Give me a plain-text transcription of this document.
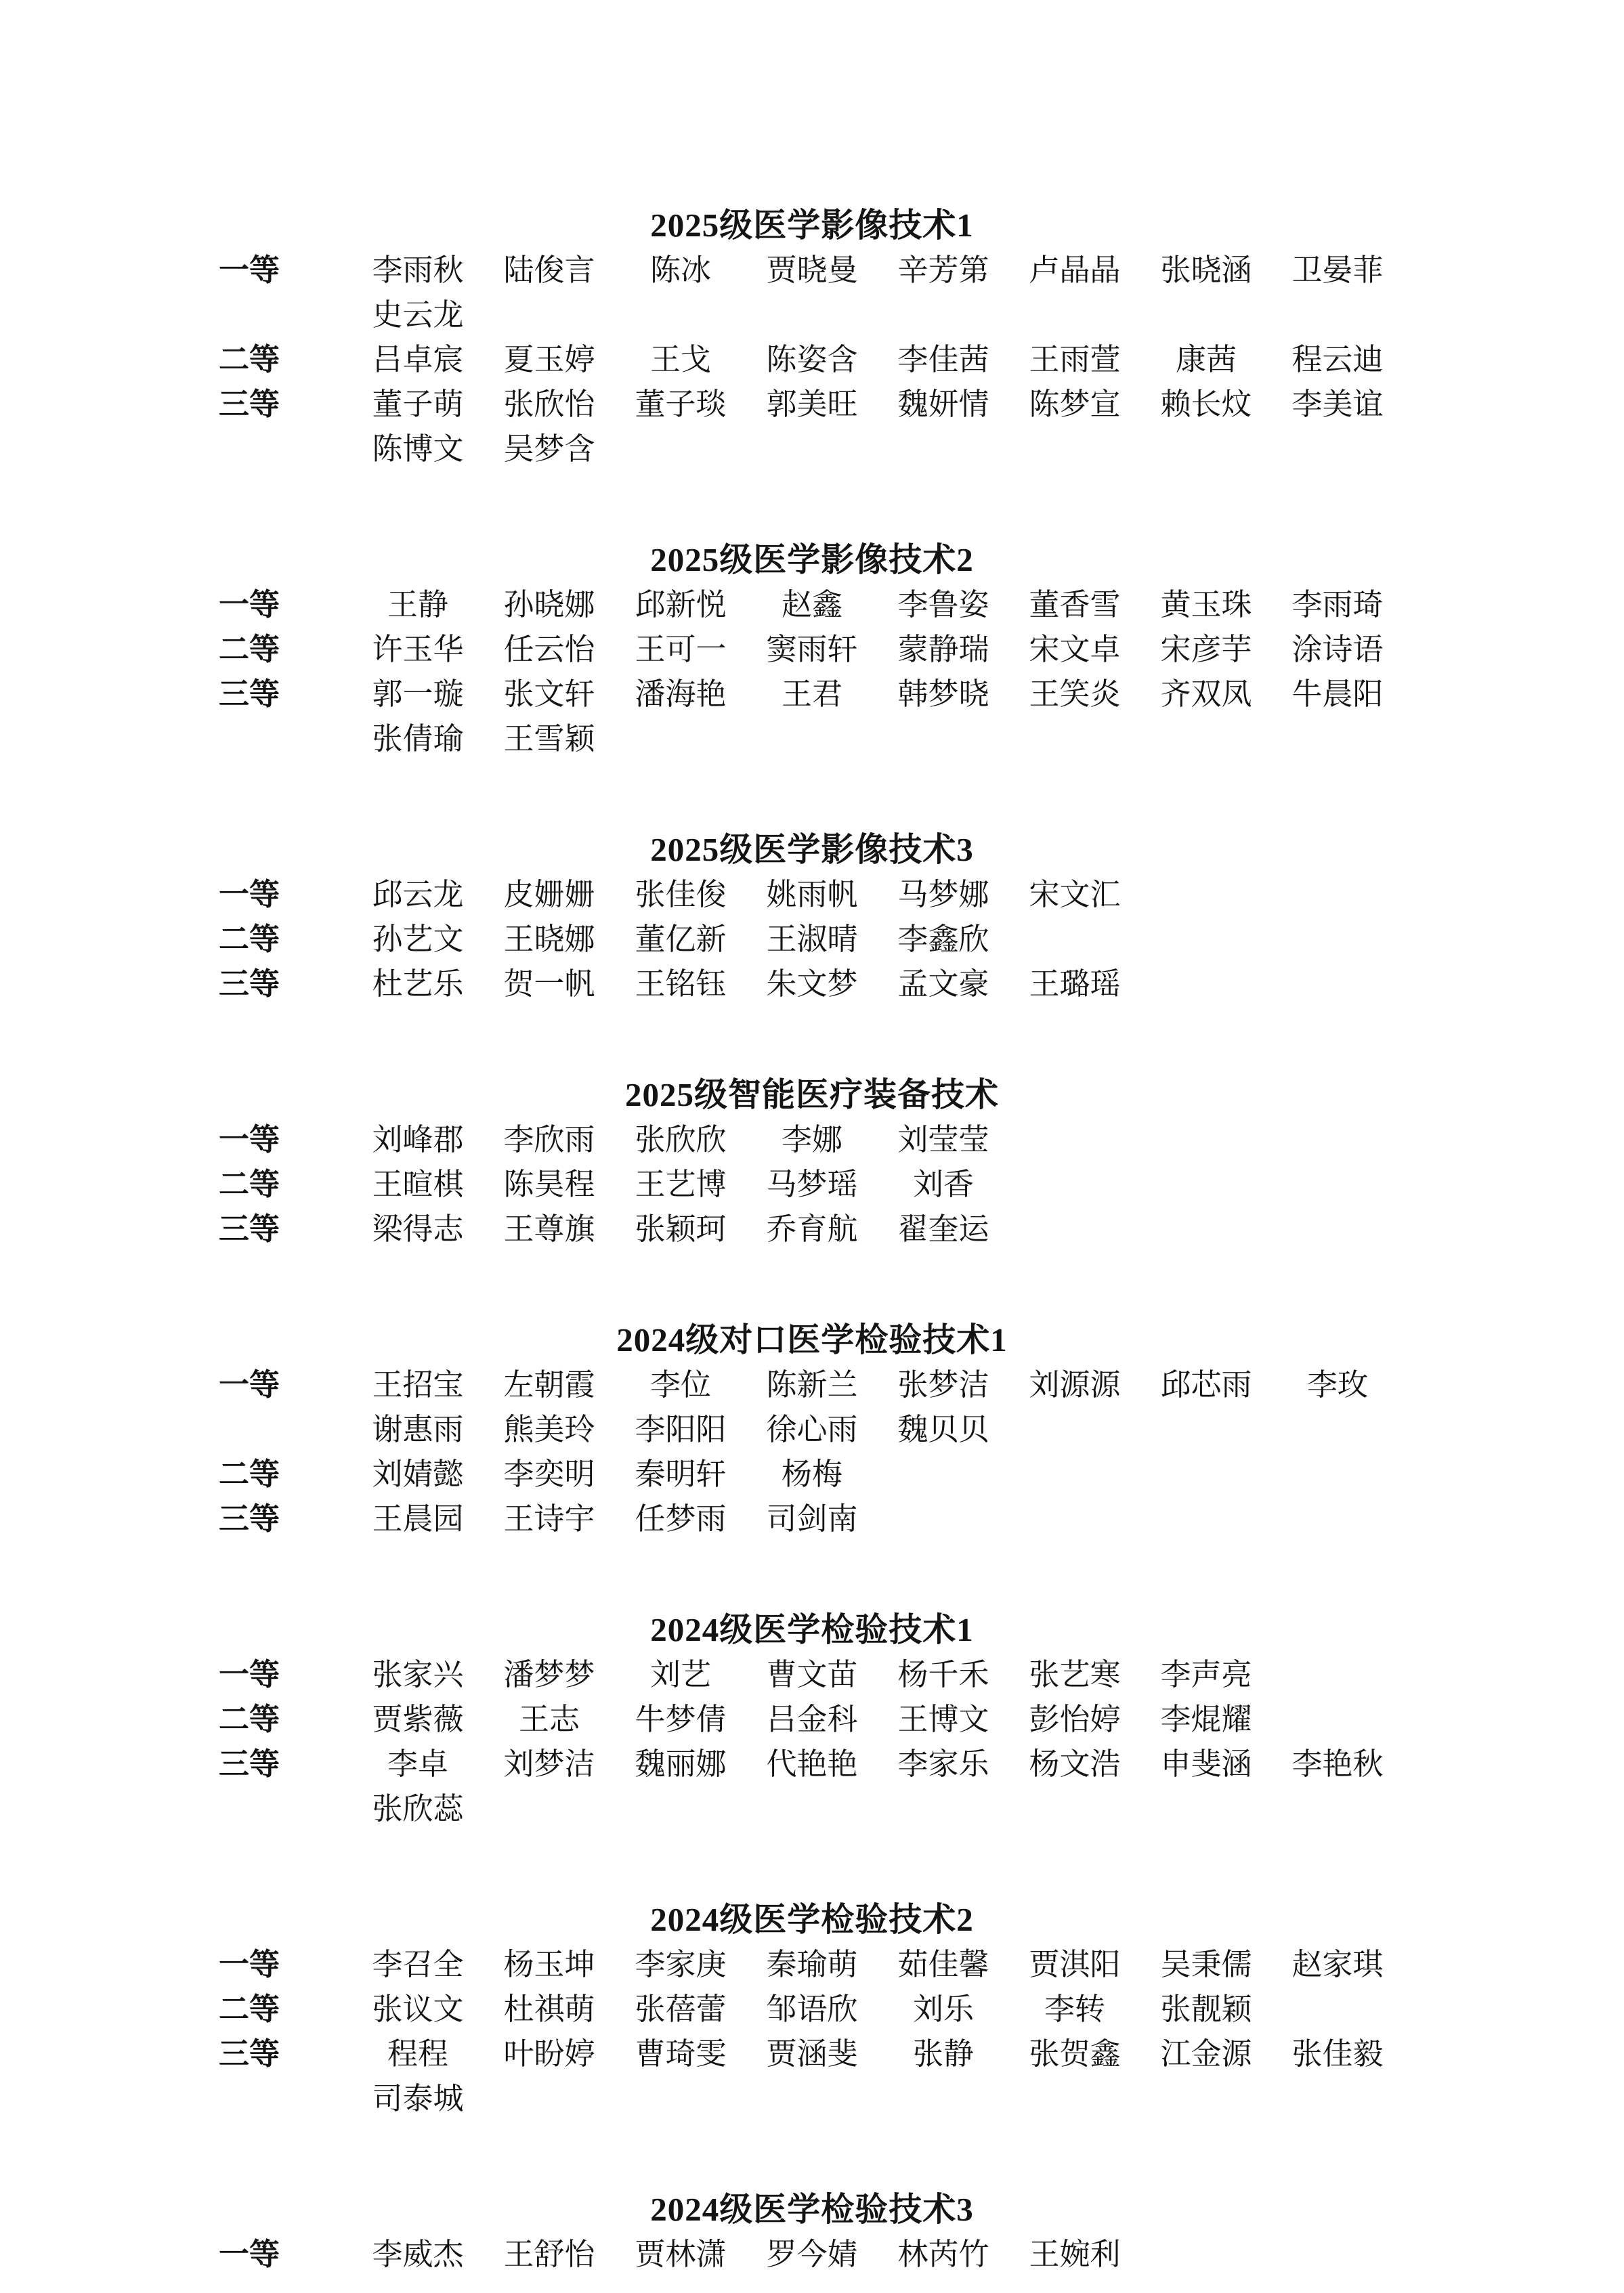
2025级医学影像技术1
一等	李雨秋	陆俊言	陈冰	贾晓曼	辛芳第	卢晶晶	张晓涵	卫晏菲
史云龙
二等	吕卓宸	夏玉婷	王戈	陈姿含	李佳茜	王雨萱	康茜	程云迪
三等	董子萌	张欣怡	董子琰	郭美旺	魏妍情	陈梦宣	赖长炆	李美谊
陈博文	吴梦含
2025级医学影像技术2
一等	王静	孙晓娜	邱新悦	赵鑫	李鲁姿	董香雪	黄玉珠	李雨琦
二等	许玉华	任云怡	王可一	窦雨轩	蒙静瑞	宋文卓	宋彦芋	涂诗语
三等	郭一璇	张文轩	潘海艳	王君	韩梦晓	王笑炎	齐双凤	牛晨阳
张倩瑜	王雪颖
2025级医学影像技术3
一等	邱云龙	皮姗姗	张佳俊	姚雨帆	马梦娜	宋文汇
二等	孙艺文	王晓娜	董亿新	王淑晴	李鑫欣
三等	杜艺乐	贺一帆	王铭钰	朱文梦	孟文豪	王璐瑶
2025级智能医疗装备技术
一等	刘峰郡	李欣雨	张欣欣	李娜	刘莹莹
二等	王暄棋	陈昊程	王艺博	马梦瑶	刘香
三等	梁得志	王尊旗	张颖珂	乔育航	翟奎运
2024级对口医学检验技术1
一等	王招宝	左朝霞	李位	陈新兰	张梦洁	刘源源	邱芯雨	李玫
谢惠雨	熊美玲	李阳阳	徐心雨	魏贝贝
二等	刘婧懿	李奕明	秦明轩	杨梅
三等	王晨园	王诗宇	任梦雨	司剑南
2024级医学检验技术1
一等	张家兴	潘梦梦	刘艺	曹文苗	杨千禾	张艺寒	李声亮
二等	贾紫薇	王志	牛梦倩	吕金科	王博文	彭怡婷	李焜耀
三等	李卓	刘梦洁	魏丽娜	代艳艳	李家乐	杨文浩	申斐涵	李艳秋
张欣蕊
2024级医学检验技术2
一等	李召全	杨玉坤	李家庚	秦瑜萌	茹佳馨	贾淇阳	吴秉儒	赵家琪
二等	张议文	杜祺萌	张蓓蕾	邹语欣	刘乐	李转	张靓颖
三等	程程	叶盼婷	曹琦雯	贾涵斐	张静	张贺鑫	江金源	张佳毅
司泰城
2024级医学检验技术3
一等	李威杰	王舒怡	贾林潇	罗今婧	林芮竹	王婉利
